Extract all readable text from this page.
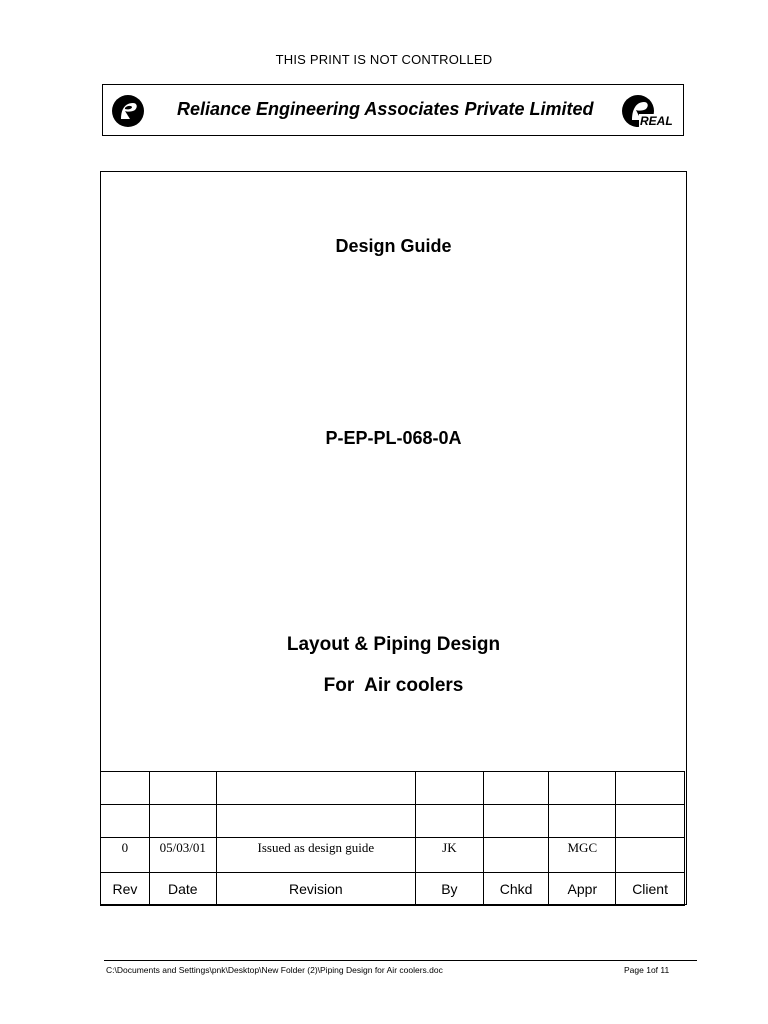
THIS PRINT IS NOT CONTROLLED
Reliance Engineering Associates Private Limited
REAL
Design Guide
P-EP-PL-068-0A
Layout & Piping Design
For  Air coolers

0	05/03/01	Issued as design guide	JK		MGC	
Rev	Date	Revision	By	Chkd	Appr	Client
C:\Documents and Settings\pnk\Desktop\New Folder (2)\Piping Design for Air coolers.doc	Page 1of 11
